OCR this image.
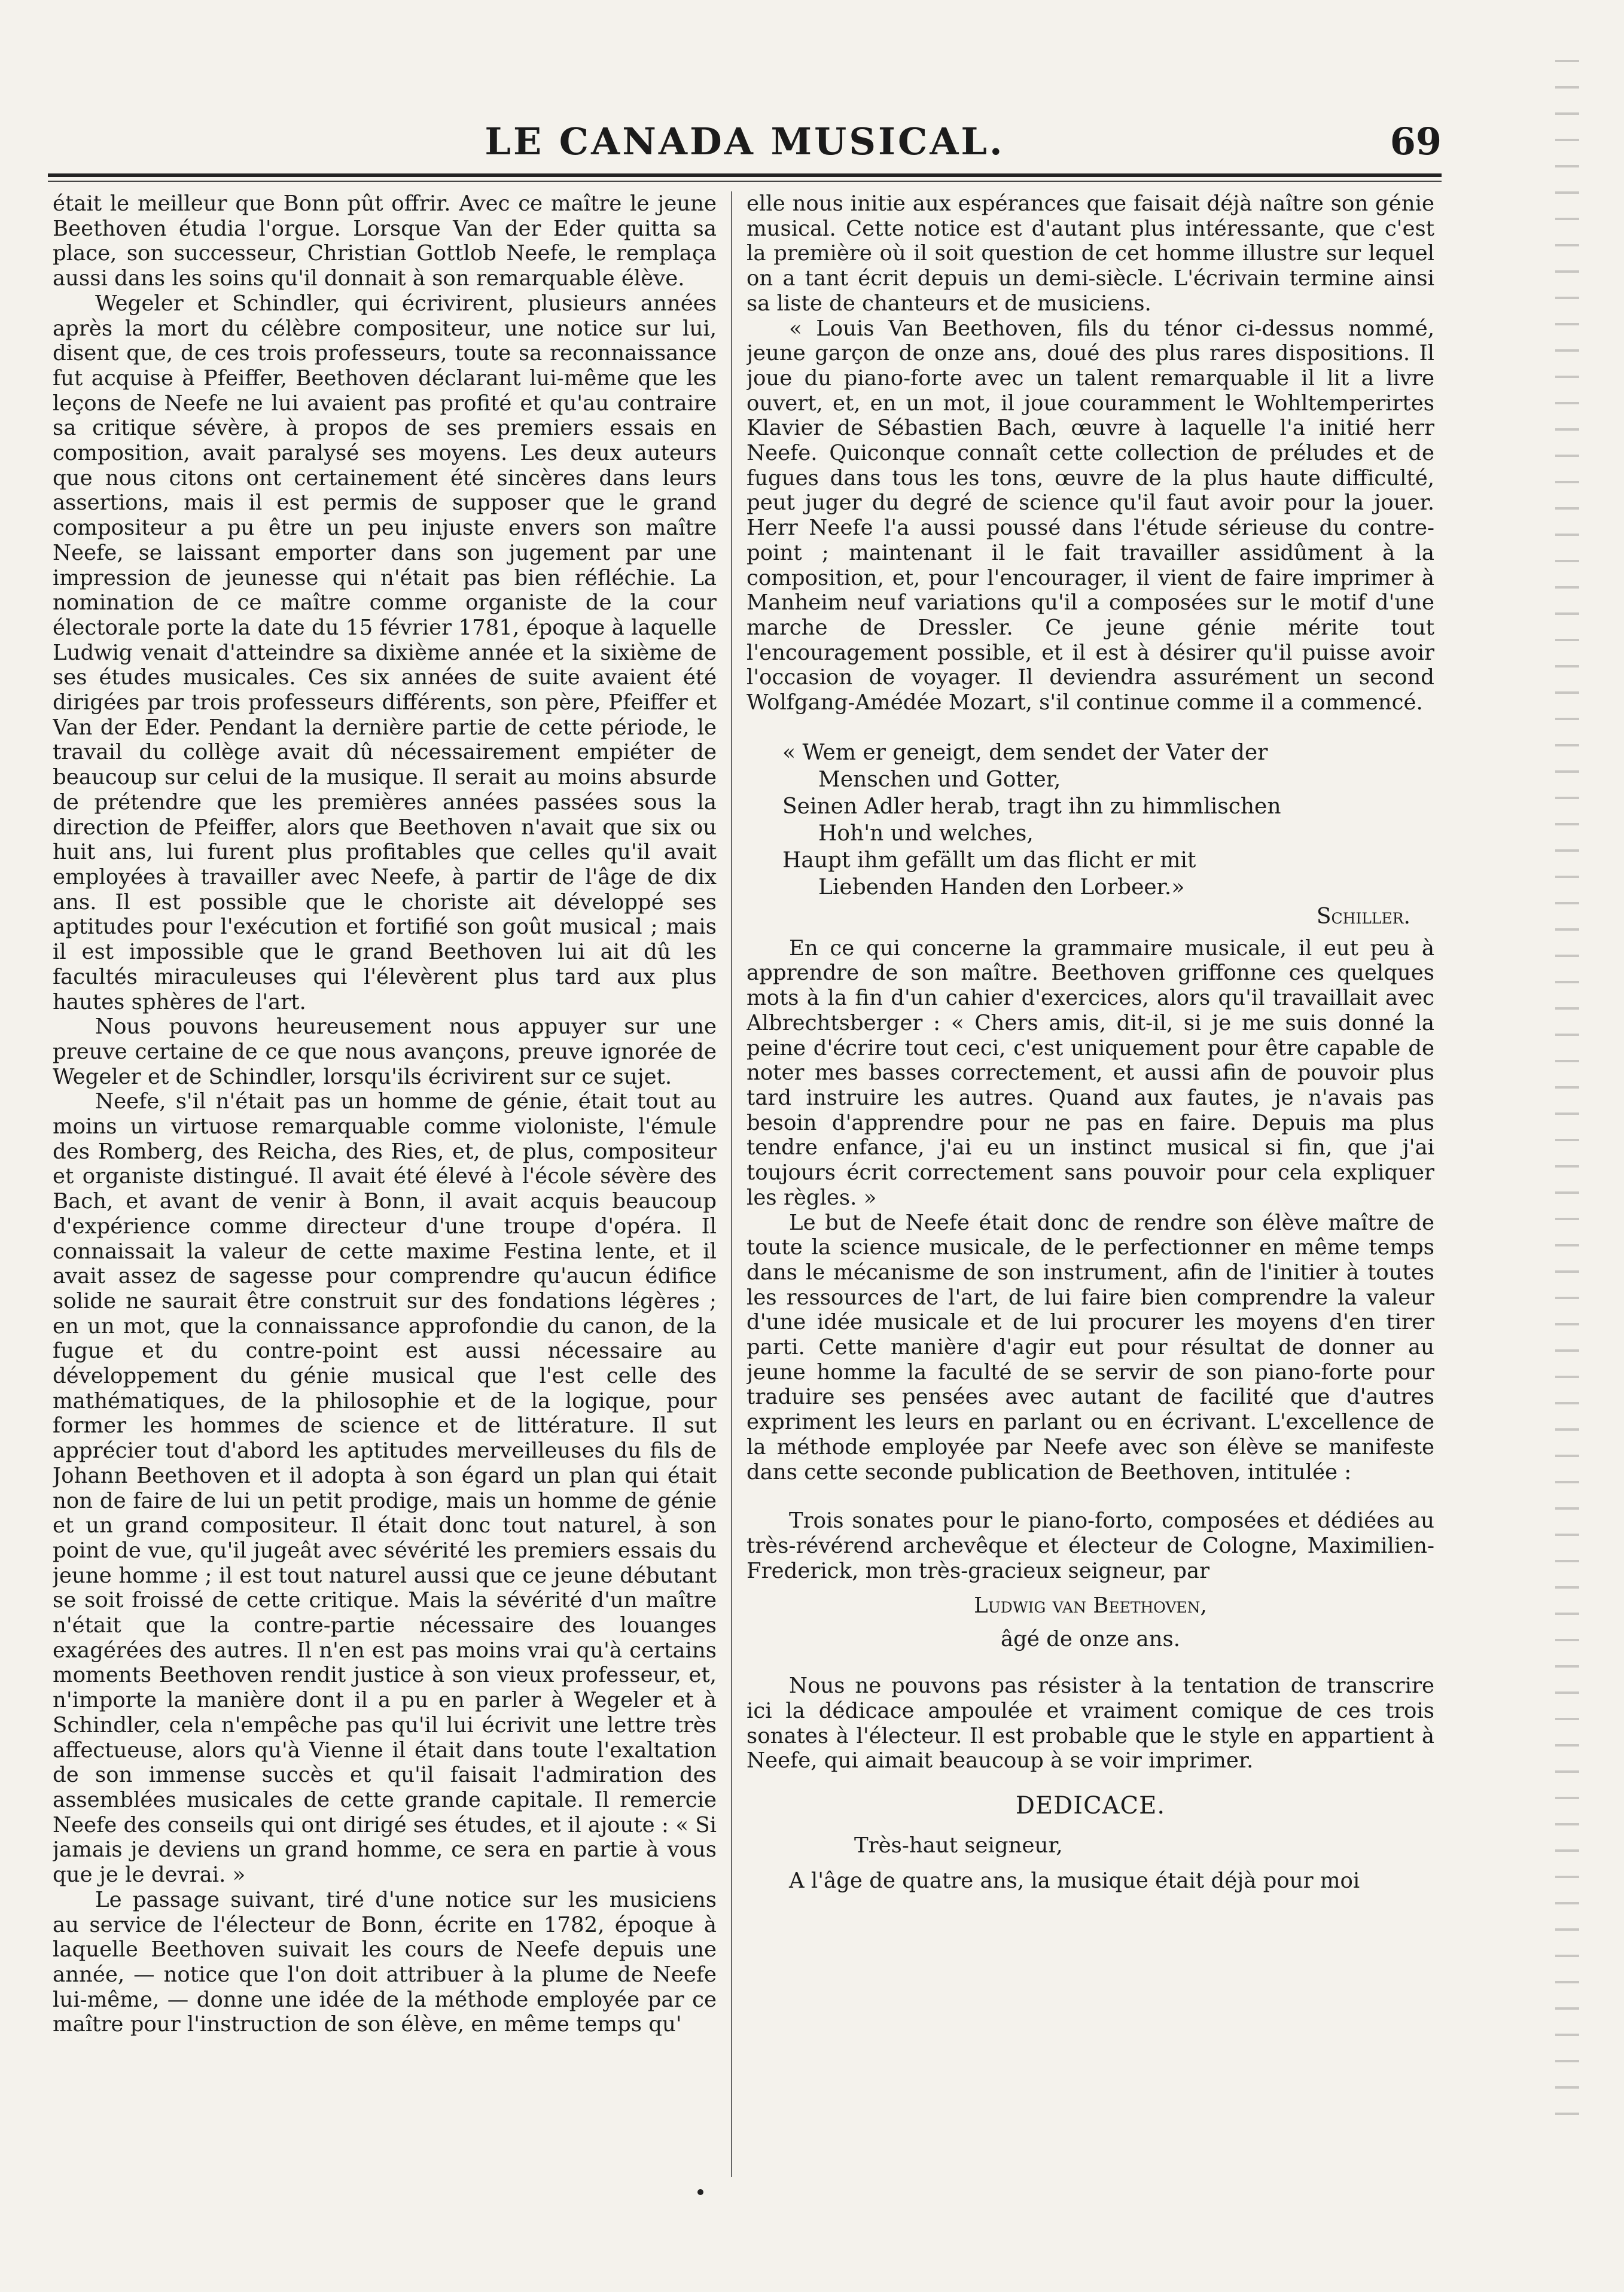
LE CANADA MUSICAL.	69

était le meilleur que Bonn pût offrir. Avec ce maître le jeune Beethoven étudia l'orgue. Lorsque Van der Eder quitta sa place, son successeur, Christian Gottlob Neefe, le remplaça aussi dans les soins qu'il donnait à son remarquable élève.

Wegeler et Schindler, qui écrivirent, plusieurs années après la mort du célèbre compositeur, une notice sur lui, disent que, de ces trois professeurs, toute sa reconnaissance fut acquise à Pfeiffer, Beethoven déclarant lui-même que les leçons de Neefe ne lui avaient pas profité et qu'au contraire sa critique sévère, à propos de ses premiers essais en composition, avait paralysé ses moyens. Les deux auteurs que nous citons ont certainement été sincères dans leurs assertions, mais il est permis de supposer que le grand compositeur a pu être un peu injuste envers son maître Neefe, se laissant emporter dans son jugement par une impression de jeunesse qui n'était pas bien réfléchie. La nomination de ce maître comme organiste de la cour électorale porte la date du 15 février 1781, époque à laquelle Ludwig venait d'atteindre sa dixième année et la sixième de ses études musicales. Ces six années de suite avaient été dirigées par trois professeurs différents, son père, Pfeiffer et Van der Eder. Pendant la dernière partie de cette période, le travail du collège avait dû nécessairement empiéter de beaucoup sur celui de la musique. Il serait au moins absurde de prétendre que les premières années passées sous la direction de Pfeiffer, alors que Beethoven n'avait que six ou huit ans, lui furent plus profitables que celles qu'il avait employées à travailler avec Neefe, à partir de l'âge de dix ans. Il est possible que le choriste ait développé ses aptitudes pour l'exécution et fortifié son goût musical ; mais il est impossible que le grand Beethoven lui ait dû les facultés miraculeuses qui l'élevèrent plus tard aux plus hautes sphères de l'art.

Nous pouvons heureusement nous appuyer sur une preuve certaine de ce que nous avançons, preuve ignorée de Wegeler et de Schindler, lorsqu'ils écrivirent sur ce sujet.

Neefe, s'il n'était pas un homme de génie, était tout au moins un virtuose remarquable comme violoniste, l'émule des Romberg, des Reicha, des Ries, et, de plus, compositeur et organiste distingué. Il avait été élevé à l'école sévère des Bach, et avant de venir à Bonn, il avait acquis beaucoup d'expérience comme directeur d'une troupe d'opéra. Il connaissait la valeur de cette maxime Festina lente, et il avait assez de sagesse pour comprendre qu'aucun édifice solide ne saurait être construit sur des fondations légères ; en un mot, que la connaissance approfondie du canon, de la fugue et du contre-point est aussi nécessaire au développement du génie musical que l'est celle des mathématiques, de la philosophie et de la logique, pour former les hommes de science et de littérature. Il sut apprécier tout d'abord les aptitudes merveilleuses du fils de Johann Beethoven et il adopta à son égard un plan qui était non de faire de lui un petit prodige, mais un homme de génie et un grand compositeur. Il était donc tout naturel, à son point de vue, qu'il jugeât avec sévérité les premiers essais du jeune homme ; il est tout naturel aussi que ce jeune débutant se soit froissé de cette critique. Mais la sévérité d'un maître n'était que la contre-partie nécessaire des louanges exagérées des autres. Il n'en est pas moins vrai qu'à certains moments Beethoven rendit justice à son vieux professeur, et, n'importe la manière dont il a pu en parler à Wegeler et à Schindler, cela n'empêche pas qu'il lui écrivit une lettre très affectueuse, alors qu'à Vienne il était dans toute l'exaltation de son immense succès et qu'il faisait l'admiration des assemblées musicales de cette grande capitale. Il remercie Neefe des conseils qui ont dirigé ses études, et il ajoute : « Si jamais je deviens un grand homme, ce sera en partie à vous que je le devrai. »

Le passage suivant, tiré d'une notice sur les musiciens au service de l'électeur de Bonn, écrite en 1782, époque à laquelle Beethoven suivait les cours de Neefe depuis une année, — notice que l'on doit attribuer à la plume de Neefe lui-même, — donne une idée de la méthode employée par ce maître pour l'instruction de son élève, en même temps qu'

elle nous initie aux espérances que faisait déjà naître son génie musical. Cette notice est d'autant plus intéressante, que c'est la première où il soit question de cet homme illustre sur lequel on a tant écrit depuis un demi-siècle. L'écrivain termine ainsi sa liste de chanteurs et de musiciens.

« Louis Van Beethoven, fils du ténor ci-dessus nommé, jeune garçon de onze ans, doué des plus rares dispositions. Il joue du piano-forte avec un talent remarquable il lit a livre ouvert, et, en un mot, il joue couramment le Wohltemperirtes Klavier de Sébastien Bach, œuvre à laquelle l'a initié herr Neefe. Quiconque connaît cette collection de préludes et de fugues dans tous les tons, œuvre de la plus haute difficulté, peut juger du degré de science qu'il faut avoir pour la jouer. Herr Neefe l'a aussi poussé dans l'étude sérieuse du contre-point ; maintenant il le fait travailler assidûment à la composition, et, pour l'encourager, il vient de faire imprimer à Manheim neuf variations qu'il a composées sur le motif d'une marche de Dressler. Ce jeune génie mérite tout l'encouragement possible, et il est à désirer qu'il puisse avoir l'occasion de voyager. Il deviendra assurément un second Wolfgang-Amédée Mozart, s'il continue comme il a commencé.

« Wem er geneigt, dem sendet der Vater der
Menschen und Gotter,
Seinen Adler herab, tragt ihn zu himmlischen
Hoh'n und welches,
Haupt ihm gefällt um das flicht er mit
Liebenden Handen den Lorbeer.»
Schiller.

En ce qui concerne la grammaire musicale, il eut peu à apprendre de son maître. Beethoven griffonne ces quelques mots à la fin d'un cahier d'exercices, alors qu'il travaillait avec Albrechtsberger : « Chers amis, dit-il, si je me suis donné la peine d'écrire tout ceci, c'est uniquement pour être capable de noter mes basses correctement, et aussi afin de pouvoir plus tard instruire les autres. Quand aux fautes, je n'avais pas besoin d'apprendre pour ne pas en faire. Depuis ma plus tendre enfance, j'ai eu un instinct musical si fin, que j'ai toujours écrit correctement sans pouvoir pour cela expliquer les règles. »

Le but de Neefe était donc de rendre son élève maître de toute la science musicale, de le perfectionner en même temps dans le mécanisme de son instrument, afin de l'initier à toutes les ressources de l'art, de lui faire bien comprendre la valeur d'une idée musicale et de lui procurer les moyens d'en tirer parti. Cette manière d'agir eut pour résultat de donner au jeune homme la faculté de se servir de son piano-forte pour traduire ses pensées avec autant de facilité que d'autres expriment les leurs en parlant ou en écrivant. L'excellence de la méthode employée par Neefe avec son élève se manifeste dans cette seconde publication de Beethoven, intitulée :

Trois sonates pour le piano-forto, composées et dédiées au très-révérend archevêque et électeur de Cologne, Maximilien-Frederick, mon très-gracieux seigneur, par

Ludwig van Beethoven,
âgé de onze ans.

Nous ne pouvons pas résister à la tentation de transcrire ici la dédicace ampoulée et vraiment comique de ces trois sonates à l'électeur. Il est probable que le style en appartient à Neefe, qui aimait beaucoup à se voir imprimer.

DEDICACE.
Très-haut seigneur,

A l'âge de quatre ans, la musique était déjà pour moi
